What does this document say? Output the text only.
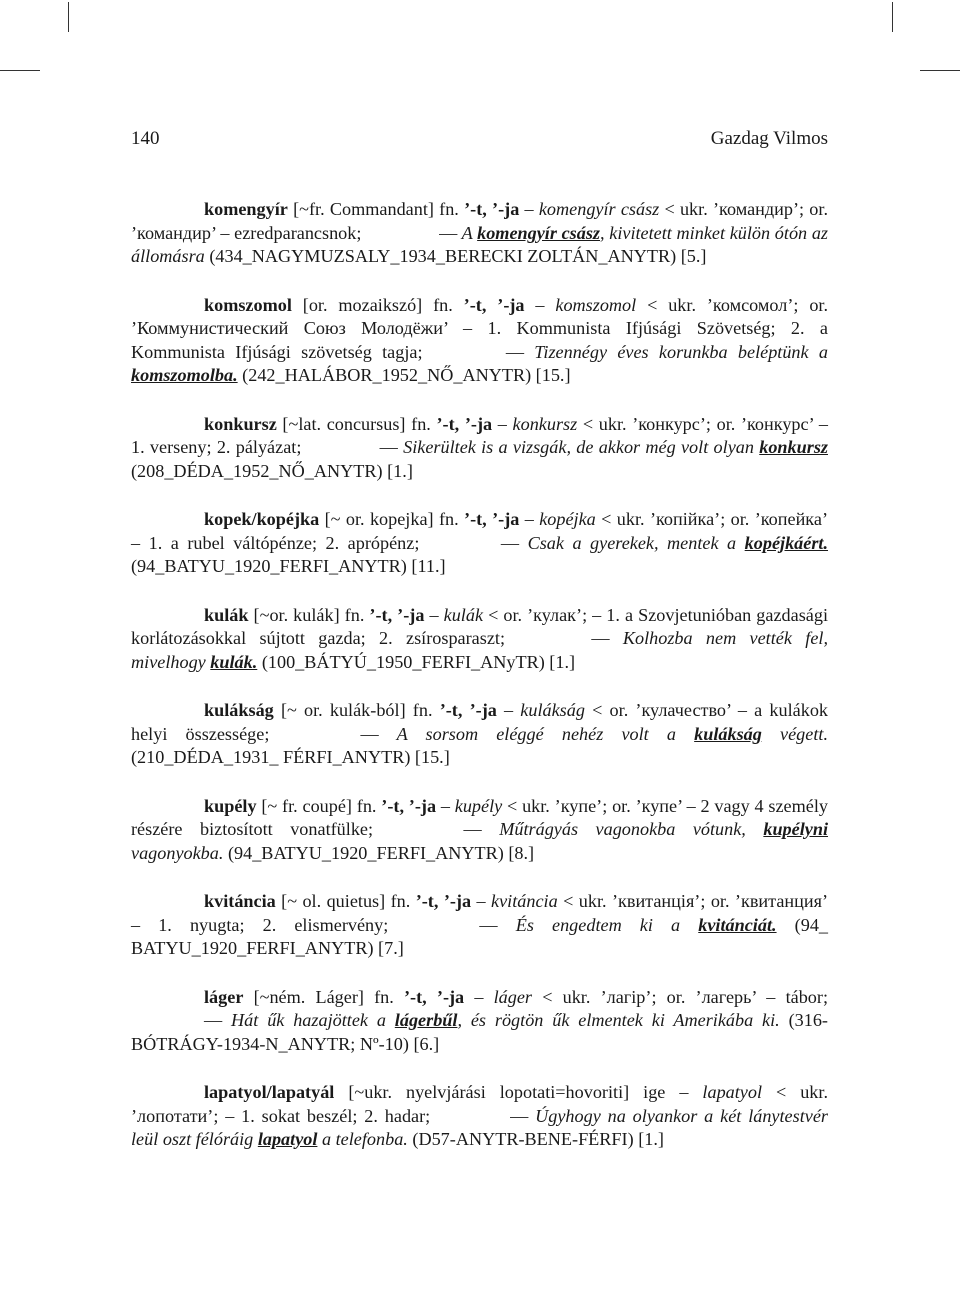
140	Gazdag Vilmos

komengyír [~fr. Commandant] fn. ’-t, ’-ja – komengyír csász < ukr. ’командир’; or. ’командир’ – ezredparancsnok;	— A komengyír csász, kivitetett minket külön ótón az állomásra (434_NAGYMUZSALY_1934_BERECKI ZOLTÁN_ANYTR) [5.]

komszomol [or. mozaikszó] fn. ’-t, ’-ja – komszomol < ukr. ’комсомол’; or. ’Коммунистический Союз Молодёжи’ – 1. Kommunista Ifjúsági Szövetség; 2. a Kommunista Ifjúsági szövetség tagja;	— Tizennégy éves korunkba beléptünk a komszomolba. (242_HALÁBOR_1952_NŐ_ANYTR) [15.]

konkursz [~lat. concursus] fn. ’-t, ’-ja – konkursz < ukr. ’конкурс’; or. ’конкурс’ – 1. verseny; 2. pályázat;	— Sikerültek is a vizsgák, de akkor még volt olyan konkursz (208_DÉDA_1952_NŐ_ANYTR) [1.]

kopek/kopéjka [~ or. kopejka] fn. ’-t, ’-ja – kopéjka < ukr. ’копійка’; or. ’копейка’ – 1. a rubel váltópénze; 2. aprópénz;	— Csak a gyerekek, mentek a kopéjkáért. (94_BATYU_1920_FERFI_ANYTR) [11.]

kulák [~or. kulák] fn. ’-t, ’-ja – kulák < or. ’кулак’; – 1. a Szovjetunióban gazdasági korlátozásokkal sújtott gazda; 2. zsírosparaszt;	— Kolhozba nem vették fel, mivelhogy kulák. (100_BÁTYÚ_1950_FERFI_ANyTR) [1.]

kulákság [~ or. kulák-ból] fn. ’-t, ’-ja – kulákság < or. ’кулачество’ – a kulákok helyi összessége;	— A sorsom eléggé nehéz volt a kulákság végett. (210_DÉDA_1931_ FÉRFI_ANYTR) [15.]

kupély [~ fr. coupé] fn. ’-t, ’-ja – kupély < ukr. ’купе’; or. ’купе’ – 2 vagy 4 személy részére biztosított vonatfülke;	— Műtrágyás vagonokba vótunk, kupélyni vagonyokba. (94_BATYU_1920_FERFI_ANYTR) [8.]

kvitáncia [~ ol. quietus] fn. ’-t, ’-ja – kvitáncia < ukr. ’квитанція’; or. ’квитанция’ – 1. nyugta; 2. elismervény;	— És engedtem ki a kvitánciát. (94_ BATYU_1920_FERFI_ANYTR) [7.]

láger [~ném. Láger] fn. ’-t, ’-ja – láger < ukr. ’лагір’; or. ’лагерь’ – tábor; — Hát űk hazajöttek a lágerbűl, és rögtön űk elmentek ki Amerikába ki. (316-BÓTRÁGY-1934-N_ANYTR; Nº-10) [6.]

lapatyol/lapatyál [~ukr. nyelvjárási lopotati=hovoriti] ige – lapatyol < ukr. ’лопотати’; – 1. sokat beszél; 2. hadar;	— Úgyhogy na olyankor a két lánytestvér leül oszt félóráig lapatyol a telefonba. (D57-ANYTR-BENE-FÉRFI) [1.]
